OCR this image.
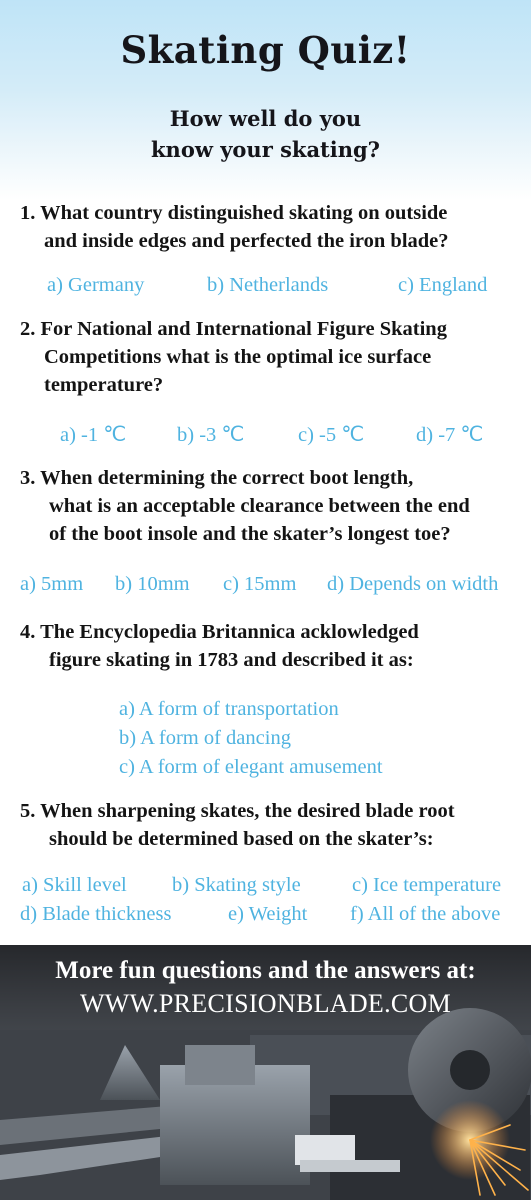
Skating Quiz!
How well do you
know your skating?
1. What country distinguished skating on outside
and inside edges and perfected the iron blade?
a) Germany	b) Netherlands	c) England
2. For National and International Figure Skating
Competitions what is the optimal ice surface
temperature?
a) -1 ℃ b) -3 ℃	c) -5 ℃	d) -7 ℃
3. When determining the correct boot length,
what is an acceptable clearance between the end
of the boot insole and the skater’s longest toe?
a) 5mm b) 10mm c) 15mm d) Depends on width
4. The Encyclopedia Britannica acklowledged
figure skating in 1783 and described it as:
a) A form of transportation
b) A form of dancing
c) A form of elegant amusement
5. When sharpening skates, the desired blade root
should be determined based on the skater’s:
a) Skill level b) Skating style	c) Ice temperature
d) Blade thickness	e) Weight f) All of the above
More fun questions and the answers at:
WWW.PRECISIONBLADE.COM
